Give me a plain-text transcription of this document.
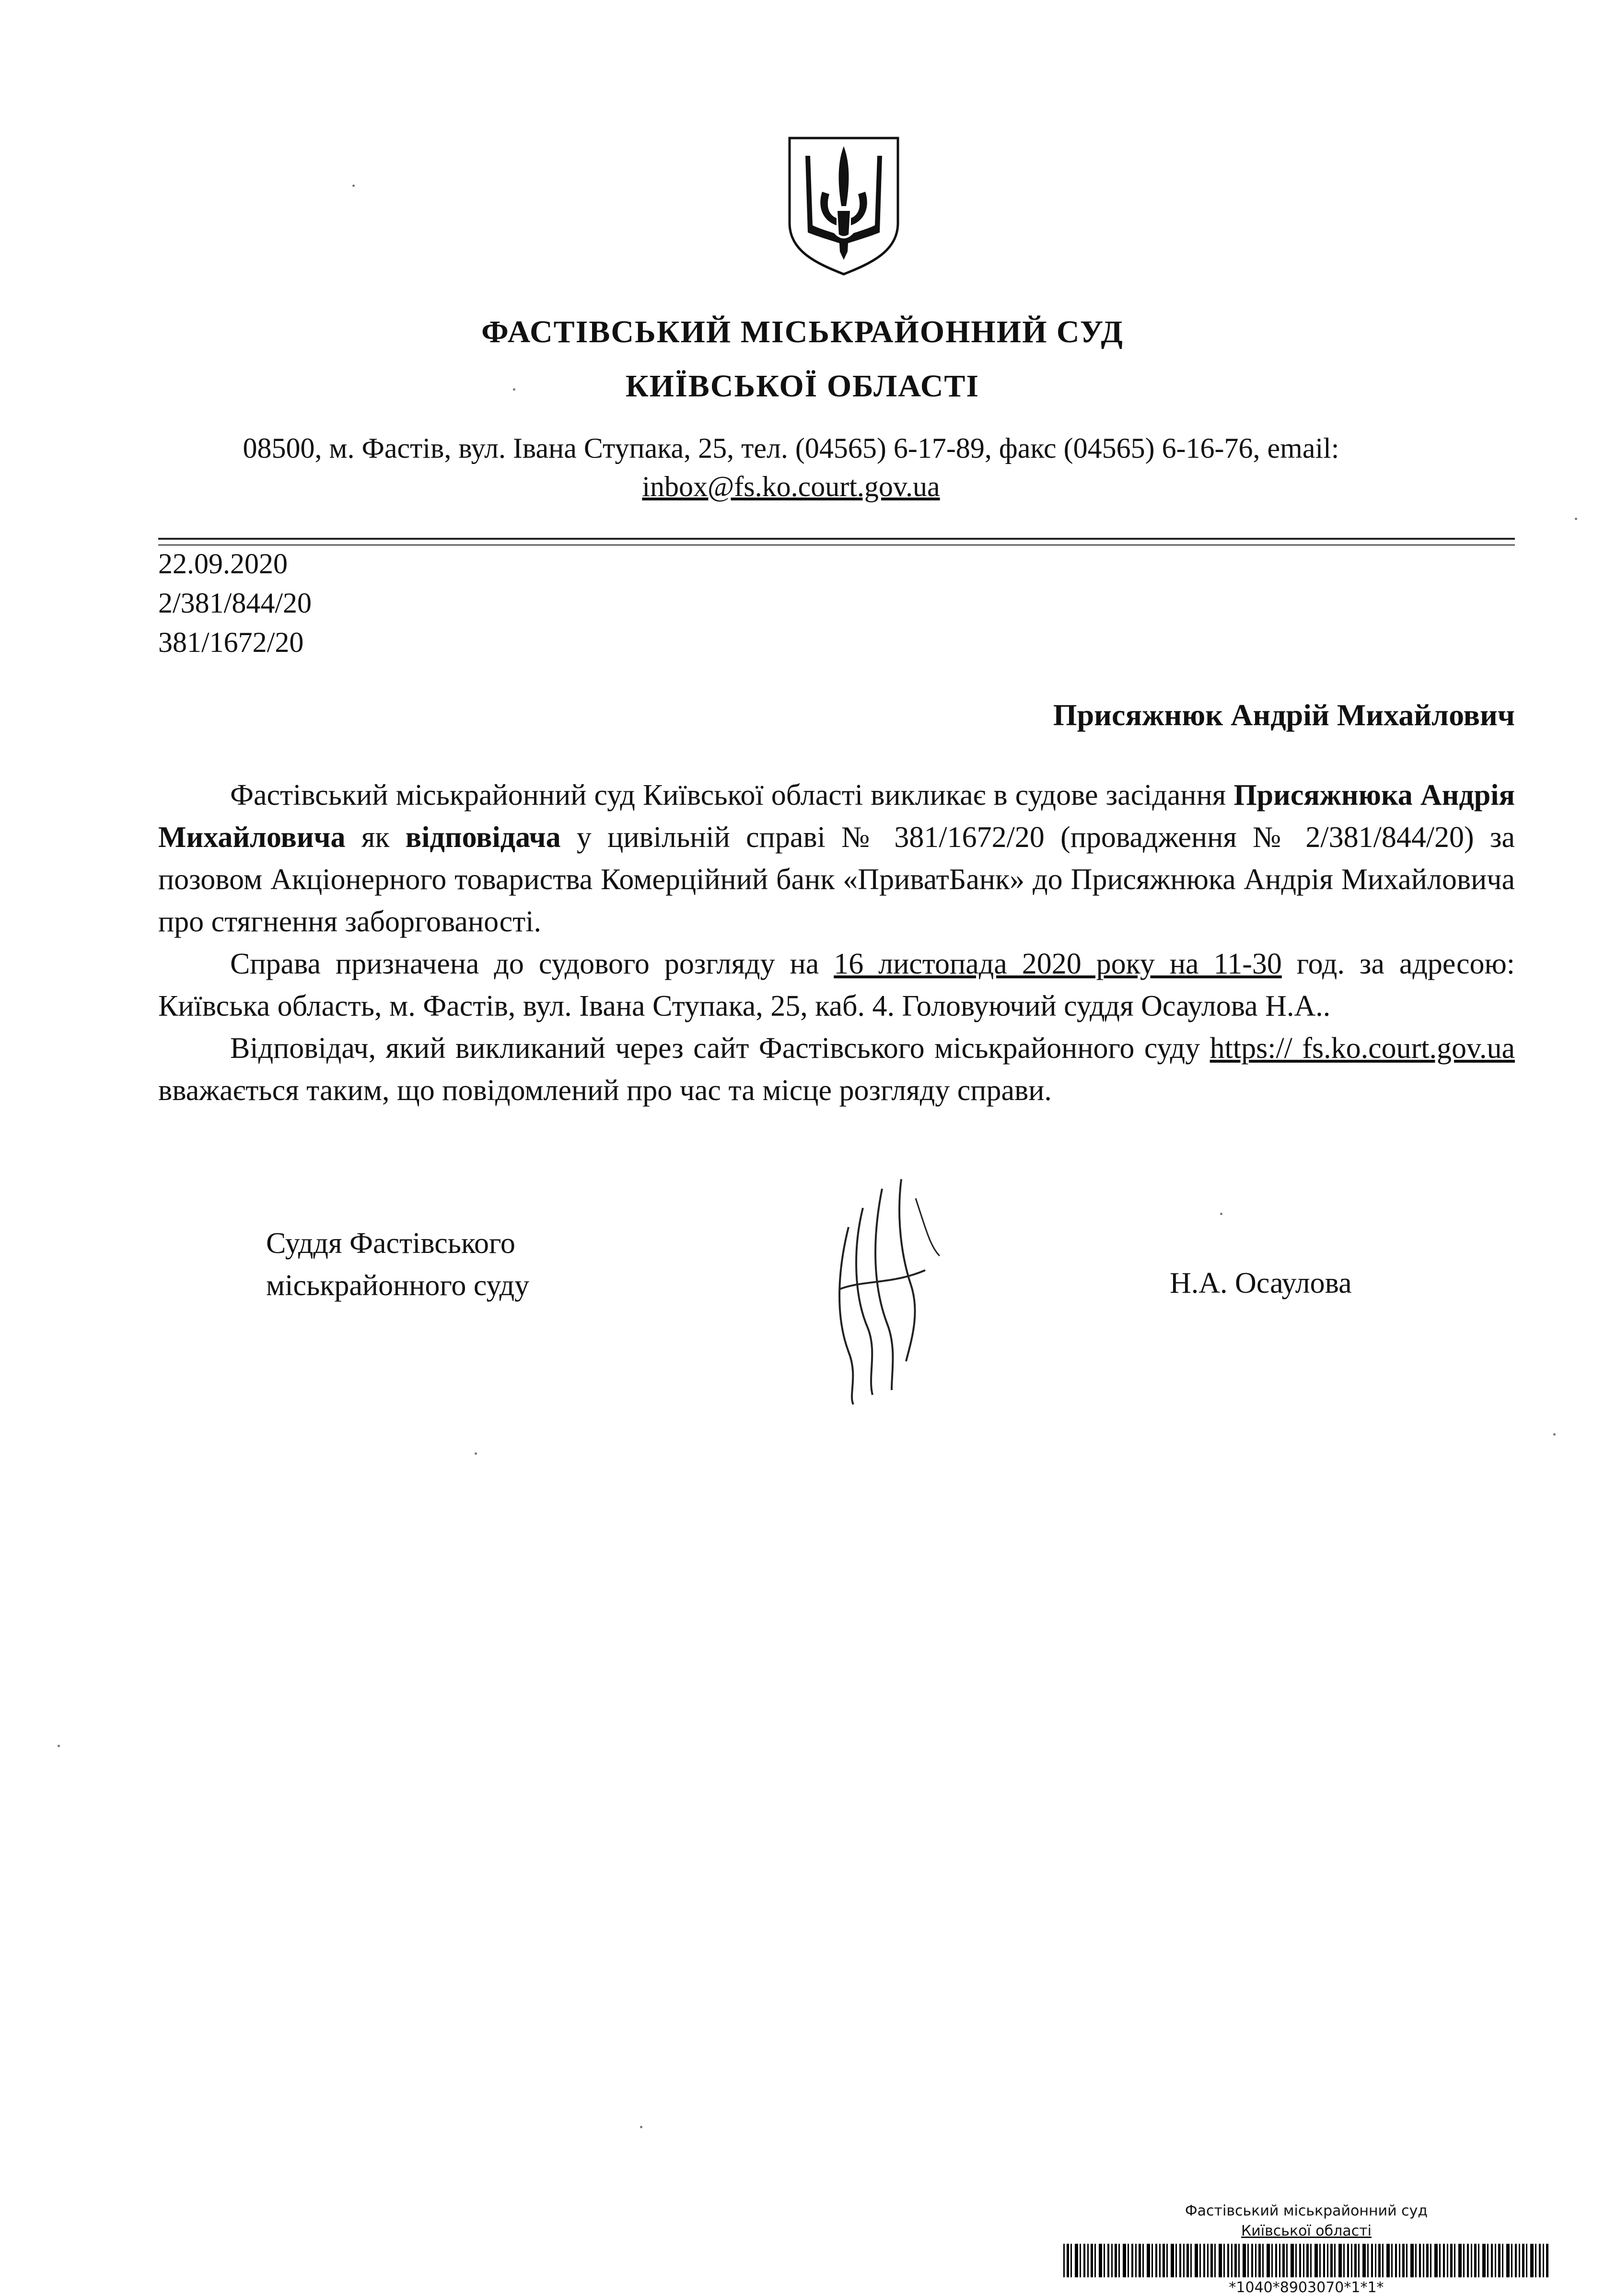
ФАСТІВСЬКИЙ МІСЬКРАЙОННИЙ СУД
КИЇВСЬКОЇ ОБЛАСТІ
08500, м. Фастів, вул. Івана Ступака, 25, тел. (04565) 6-17-89, факс (04565) 6-16-76, email:
inbox@fs.ko.court.gov.ua
22.09.2020
2/381/844/20
381/1672/20
Присяжнюк Андрій Михайлович

Фастівський міськрайонний суд Київської області викликає в судове засідання Присяжнюка Андрія Михайловича як відповідача у цивільній справі № 381/1672/20 (провадження № 2/381/844/20) за позовом Акціонерного товариства Комерційний банк «ПриватБанк» до Присяжнюка Андрія Михайловича про стягнення заборгованості.

Справа призначена до судового розгляду на 16 листопада 2020 року на 11-30 год. за адресою: Київська область, м. Фастів, вул. Івана Ступака, 25, каб. 4. Головуючий суддя Осаулова Н.А..

Відповідач, який викликаний через сайт Фастівського міськрайонного суду https:// fs.ko.court.gov.ua вважається таким, що повідомлений про час та місце розгляду справи.

Суддя Фастівського
міськрайонного суду	Н.А. Осаулова
Фастівський міськрайонний суд
Київської області
*1040*8903070*1*1*
